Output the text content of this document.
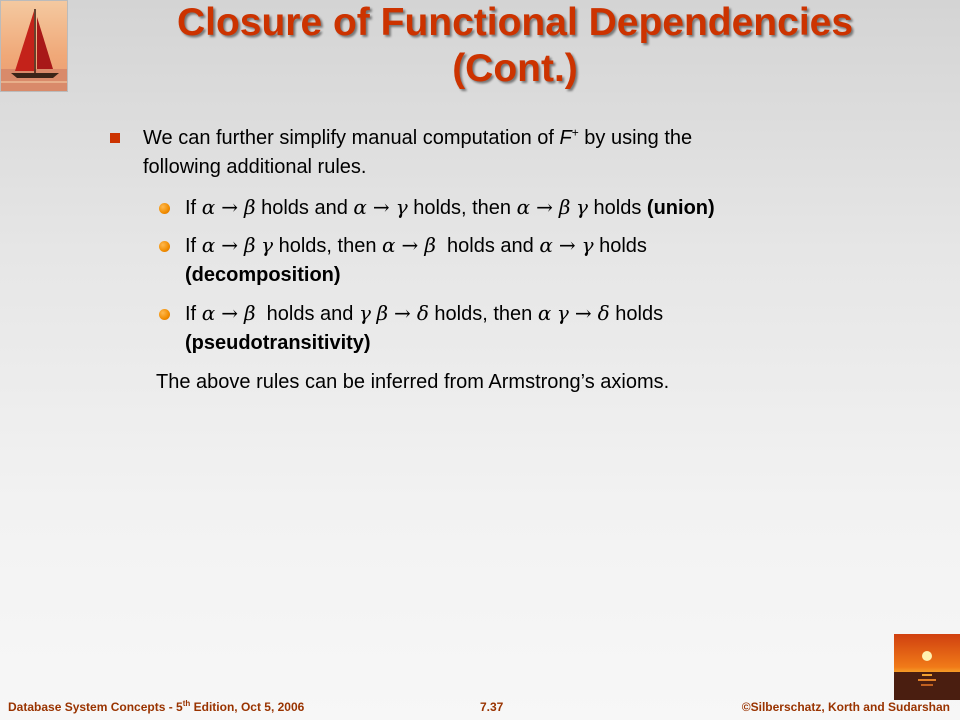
Closure of Functional Dependencies
(Cont.)
We can further simplify manual computation of F+ by using the
following additional rules.
If α → β holds and α → γ holds, then α → β γ holds (union)
If α → β γ holds, then α → β holds and α → γ holds
(decomposition)
If α → β holds and γ β → δ holds, then α γ → δ holds
(pseudotransitivity)
The above rules can be inferred from Armstrong’s axioms.
Database System Concepts - 5th Edition, Oct 5, 2006	7.37	©Silberschatz, Korth and Sudarshan
